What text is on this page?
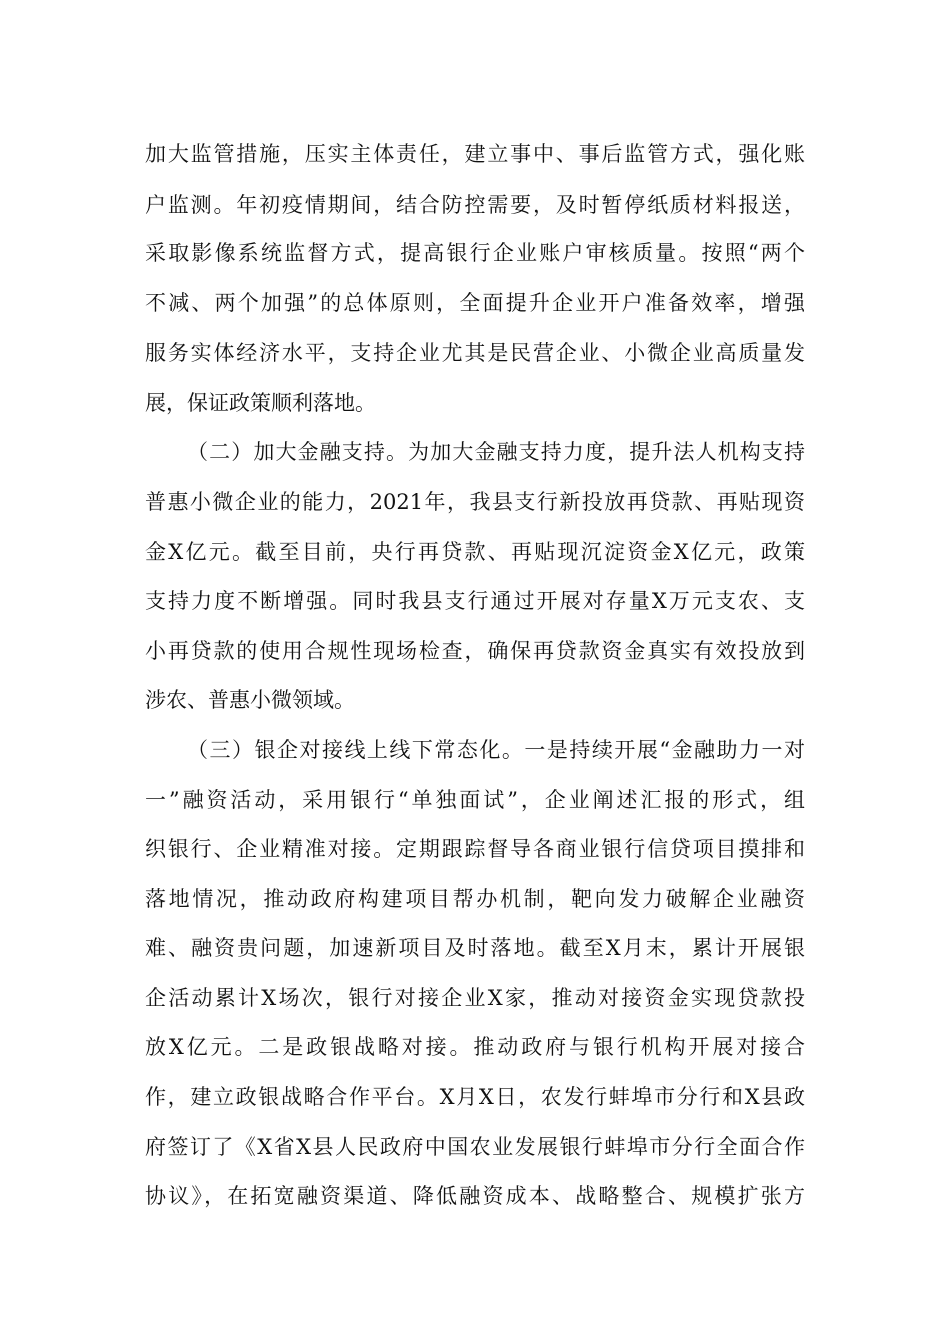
加大监管措施，压实主体责任，建立事中、事后监管方式，强化账
户监测。年初疫情期间，结合防控需要，及时暂停纸质材料报送，
采取影像系统监督方式，提高银行企业账户审核质量。按照“两个
不减、两个加强”的总体原则，全面提升企业开户准备效率，增强
服务实体经济水平，支持企业尤其是民营企业、小微企业高质量发
展，保证政策顺利落地。
（二）加大金融支持。为加大金融支持力度，提升法人机构支持
普惠小微企业的能力，2021年，我县支行新投放再贷款、再贴现资
金X亿元。截至目前，央行再贷款、再贴现沉淀资金X亿元，政策
支持力度不断增强。同时我县支行通过开展对存量X万元支农、支
小再贷款的使用合规性现场检查，确保再贷款资金真实有效投放到
涉农、普惠小微领域。
（三）银企对接线上线下常态化。一是持续开展“金融助力一对
一”融资活动，采用银行“单独面试”，企业阐述汇报的形式，组
织银行、企业精准对接。定期跟踪督导各商业银行信贷项目摸排和
落地情况，推动政府构建项目帮办机制，靶向发力破解企业融资
难、融资贵问题，加速新项目及时落地。截至X月末，累计开展银
企活动累计X场次，银行对接企业X家，推动对接资金实现贷款投
放X亿元。二是政银战略对接。推动政府与银行机构开展对接合
作，建立政银战略合作平台。X月X日，农发行蚌埠市分行和X县政
府签订了《X省X县人民政府中国农业发展银行蚌埠市分行全面合作
协议》，在拓宽融资渠道、降低融资成本、战略整合、规模扩张方
